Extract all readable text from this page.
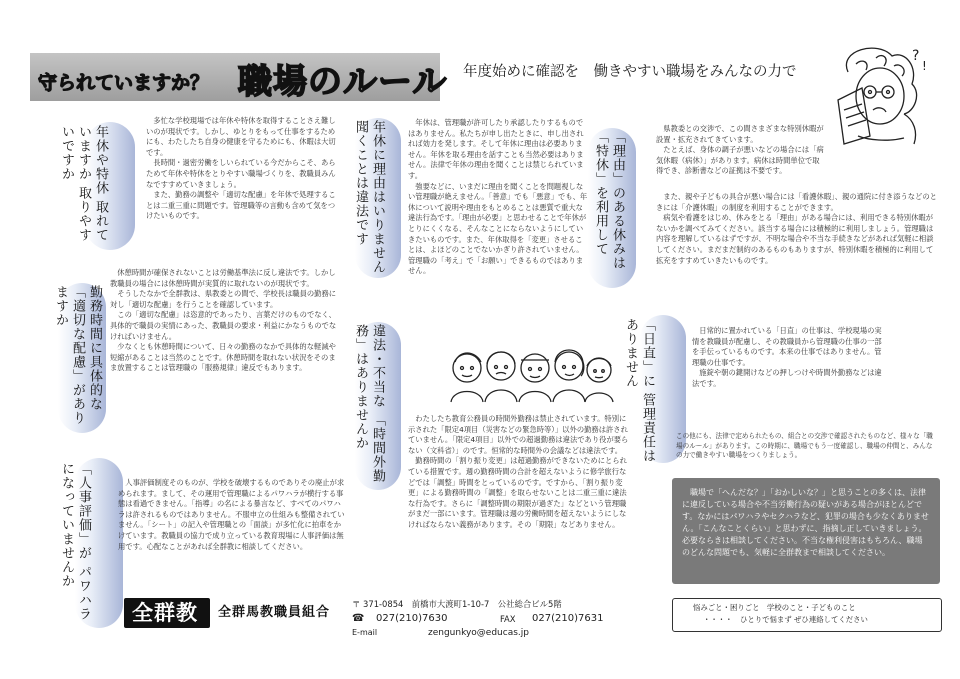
守られていますか？ 職場のルール 年度始めに確認を　働きやすい職場をみんなの力で
?
!
年休や特休 取れていますか 取りやすいですか

多忙な学校現場では年休や特休を取得することさえ難しいのが現状です。しかし、ゆとりをもって仕事をするためにも、わたしたち自身の健康を守るためにも、休暇は大切です。

長時間・過密労働をしいられている今だからこそ、あらためて年休や特休をとりやすい職場づくりを、教職員みんなですすめていきましょう。

また、勤務の調整や「適切な配慮」を年休で処理することは二重三重に問題です。管理職等の言動も含めて気をつけたいものです。	年休に理由はいりません 聞くことは違法です	年休は、管理職が許可したり承認したりするものではありません。私たちが申し出たときに、申し出されれば効力を発します。そして年休に理由は必要ありません。年休を取る理由を話すことも当然必要はありません。法律で年休の理由を聞くことは禁じられています。

強要などに、いまだに理由を聞くことを問題視しない管理職が絶えません。「善意」でも「悪意」でも、年休について説明や理由をもとめることは悪質で重大な違法行為です。「理由が必要」と思わせることで年休がとりにくくなる、そんなことにならないようにしていきたいものです。また、年休取得を「変更」させることは、よほどのことでないかぎり許されていません。管理職の「考え」で「お願い」できるものではありません。

「理由」のある休みは 「特休」を利用して

県教委との交渉で、この間さまざまな特別休暇が設置・拡充されてきています。

たとえば、身体の調子が悪いなどの場合には「病気休暇（病休）」があります。病休は時間単位で取得でき、診断書などの証拠は不要です。

また、親や子どもの具合が悪い場合には「看護休暇」、親の通院に付き添うなどのときには「介護休暇」の制度を利用することができます。

病気や看護をはじめ、休みをとる「理由」がある場合には、利用できる特別休暇がないかを調べてみてください。該当する場合には積極的に利用しましょう。管理職は内容を理解しているはずですが、不明な場合や不当な手続きなどがあれば気軽に相談してください。まだまだ制約のあるものもありますが、特別休暇を積極的に利用して拡充をすすめていきたいものです。

勤務時間に具体的な 「適切な配慮」がありますか

休憩時間が確保されないことは労働基準法に反し違法です。しかし教職員の場合には休憩時間が実質的に取れないのが現状です。

そうしたなかで全群教は、県教委との間で、学校長は職員の勤務に対し「適切な配慮」を行うことを確認しています。

この「適切な配慮」は恣意的であったり、言葉だけのものでなく、具体的で職員の実情にあった、教職員の要求・利益にかなうものでなければいけません。

少なくとも休憩時間について、日々の勤務のなかで具体的な軽減や短縮があることは当然のことです。休憩時間を取れない状況をそのまま放置することは管理職の「服務規律」違反でもあります。	違法・不当な 「時間外勤務」はありませんか	わたしたち教育公務員の時間外勤務は禁止されています。特別に示された「限定4項目（災害などの緊急時等）」以外の勤務は許されていません。「限定4項目」以外での超過勤務は違法であり役が要らない（文科省）」のです。恒常的な時間外の会議などは違法です。

勤務時間の「割り振り変更」は超過勤務ができないためにとられている措置です。週の勤務時間の合計を超えないように修学旅行などでは「調整」時間をとっているのです。ですから、「割り振り変更」による勤務時間の「調整」を取らせないことは二重三重に違法な行為です。さらに「調整時間の期限が過ぎた」などという管理職がまだ一部にいます。管理職は週の労働時間を超えないようにしなければならない義務があります。その「期限」などありません。

「日直」に 管理責任はありません	日常的に置かれている「日直」の仕事は、学校現場の実情を教職員が配慮し、その教職員から管理職の仕事の一部を手伝っているものです。本来の仕事ではありません。管理職の仕事です。

施錠や朝の鍵開けなどの押しつけや時間外勤務などは違法です。

この他にも、法律で定められたもの、組合との交渉で確認されたものなど、様々な「職場のルール」があります。この時期に、職場でもう一度確認し、職場の仲間と、みんなの力で働きやすい職場をつくりましょう。
職場で「へんだな？」「おかしいな？」と思うことの多くは、法律に違反している場合や不当労働行為の疑いがある場合がほとんどです。なかにはパワハラやセクハラなど、犯罪の場合も少なくありません。「こんなことくらい」と思わずに、指摘し正していきましょう。必要ならきは相談してください。不当な権利侵害はもちろん、職場のどんな問題でも、気軽に全群教まで相談してください。
悩みごと・困りごと　学校のこと・子どものこと
・・・・　ひとりで悩まず ぜひ連絡してください
「人事評価」が パワハラになっていませんか	人事評価制度そのものが、学校を破壊するものでありその廃止が求められます。まして、その運用で管理職によるパワハラが横行する事態は看過できません。「指導」の名による暴言など、すべてのパワハラは許されるものではありません。不服申立の仕組みも整備されていません。「シート」の記入や管理職との「面談」が多忙化に拍車をかけています。教職員の協力で成り立っている教育現場に人事評価は無用です。心配なことがあれば全群教に相談してください。

全群教 全群馬教職員組合
〒 371-0854　前橋市大渡町1-10-7　公社総合ビル5階
☎ 027(210)7630	FAX 027(210)7631
E-mail	zengunkyo@educas.jp
